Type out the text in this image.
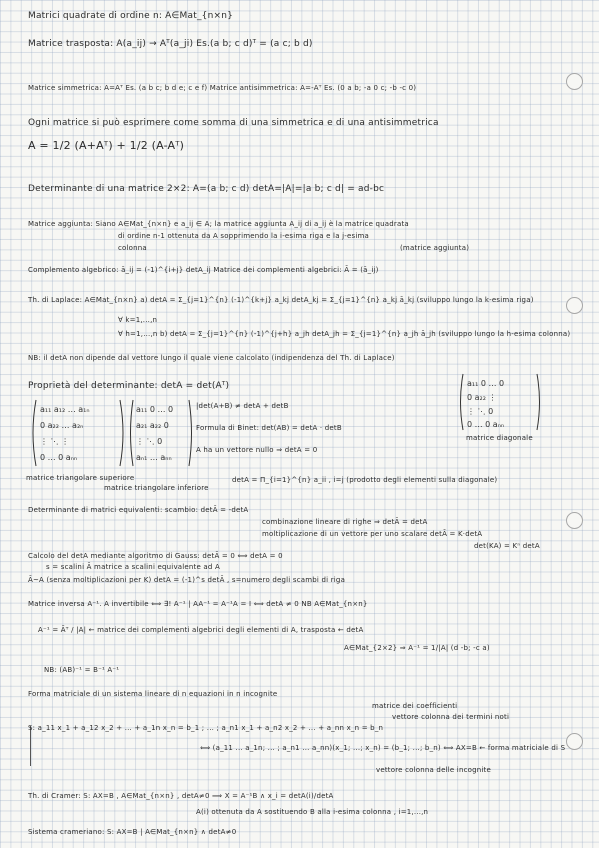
Matrici quadrate di ordine n: A∈Mat_{n×n}
Matrice trasposta: A(a_ij) → Aᵀ(a_ji) Es.(a b; c d)ᵀ = (a c; b d)
Matrice simmetrica: A=Aᵀ Es. (a b c; b d e; c e f) Matrice antisimmetrica: A=-Aᵀ Es. (0 a b; -a 0 c; -b -c 0)
Ogni matrice si può esprimere come somma di una simmetrica e di una antisimmetrica
A = 1/2 (A+Aᵀ) + 1/2 (A-Aᵀ)
Determinante di una matrice 2×2: A=(a b; c d) detA=|A|=|a b; c d| = ad-bc
Matrice aggiunta: Siano A∈Mat_{n×n} e a_ij ∈ A; la matrice aggiunta A_ij di a_ij è la matrice quadrata
di ordine n-1 ottenuta da A sopprimendo la i-esima riga e la j-esima
(matrice aggiunta)
colonna
Complemento algebrico: ā_ij = (-1)^{i+j} detA_ij Matrice dei complementi algebrici: Ā = (ā_ij)
Th. di Laplace: A∈Mat_{n×n} a) detA = Σ_{j=1}^{n} (-1)^{k+j} a_kj detA_kj = Σ_{j=1}^{n} a_kj ā_kj (sviluppo lungo la k-esima riga)
∀ k=1,...,n
∀ h=1,...,n b) detA = Σ_{j=1}^{n} (-1)^{j+h} a_jh detA_jh = Σ_{j=1}^{n} a_jh ā_jh (sviluppo lungo la h-esima colonna)
NB: il detA non dipende dal vettore lungo il quale viene calcolato (indipendenza del Th. di Laplace)
Proprietà del determinante: detA = det(Aᵀ)
a₁₁ a₁₂ … a₁ₙ
0 a₂₂ … a₂ₙ
⋮ ⋱ ⋮
0 … 0 aₙₙ
a₁₁ 0 … 0
a₂₁ a₂₂ 0
⋮ ⋱ 0
aₙ₁ … aₙₙ
|det(A+B) ≠ detA + detB
Formula di Binet: det(AB) = detA · detB
A ha un vettore nullo ⇒ detA = 0
a₁₁ 0 … 0
0 a₂₂ ⋮
⋮ ⋱ 0
0 … 0 aₙₙ
matrice diagonale
matrice triangolare superiore
matrice triangolare inferiore
detA = Π_{i=1}^{n} a_ii , i=j (prodotto degli elementi sulla diagonale)
Determinante di matrici equivalenti: scambio: detÃ = -detA
combinazione lineare di righe ⇒ detÃ = detA
moltiplicazione di un vettore per uno scalare detÃ = K·detA
det(KA) = Kⁿ detA
Calcolo del detA mediante algoritmo di Gauss: detÃ = 0 ⟺ detA = 0
s = scalini Ã matrice a scalini equivalente ad A
Ã~A (senza moltiplicazioni per K) detA = (-1)^s detÃ , s=numero degli scambi di riga
Matrice inversa A⁻¹. A invertibile ⟺ ∃! A⁻¹ | AA⁻¹ = A⁻¹A = I ⟺ detA ≠ 0 NB A∈Mat_{n×n}
A⁻¹ = Āᵀ / |A| ← matrice dei complementi algebrici degli elementi di A, trasposta ← detA
A∈Mat_{2×2} ⇒ A⁻¹ = 1/|A| (d -b; -c a)
NB: (AB)⁻¹ = B⁻¹ A⁻¹
Forma matriciale di un sistema lineare di n equazioni in n incognite
matrice dei coefficienti
vettore colonna dei termini noti
S: a_11 x_1 + a_12 x_2 + ... + a_1n x_n = b_1 ; ... ; a_n1 x_1 + a_n2 x_2 + ... + a_nn x_n = b_n
⟺ (a_11 ... a_1n; ... ; a_n1 ... a_nn)(x_1; ...; x_n) = (b_1; ...; b_n) ⟺ AX=B ← forma matriciale di S
vettore colonna delle incognite
Th. di Cramer: S: AX=B , A∈Mat_{n×n} , detA≠0 ⟹ X = A⁻¹B ∧ x_i = detA(i)/detA
A(i) ottenuta da A sostituendo B alla i-esima colonna , i=1,...,n
Sistema crameriano: S: AX=B | A∈Mat_{n×n} ∧ detA≠0
